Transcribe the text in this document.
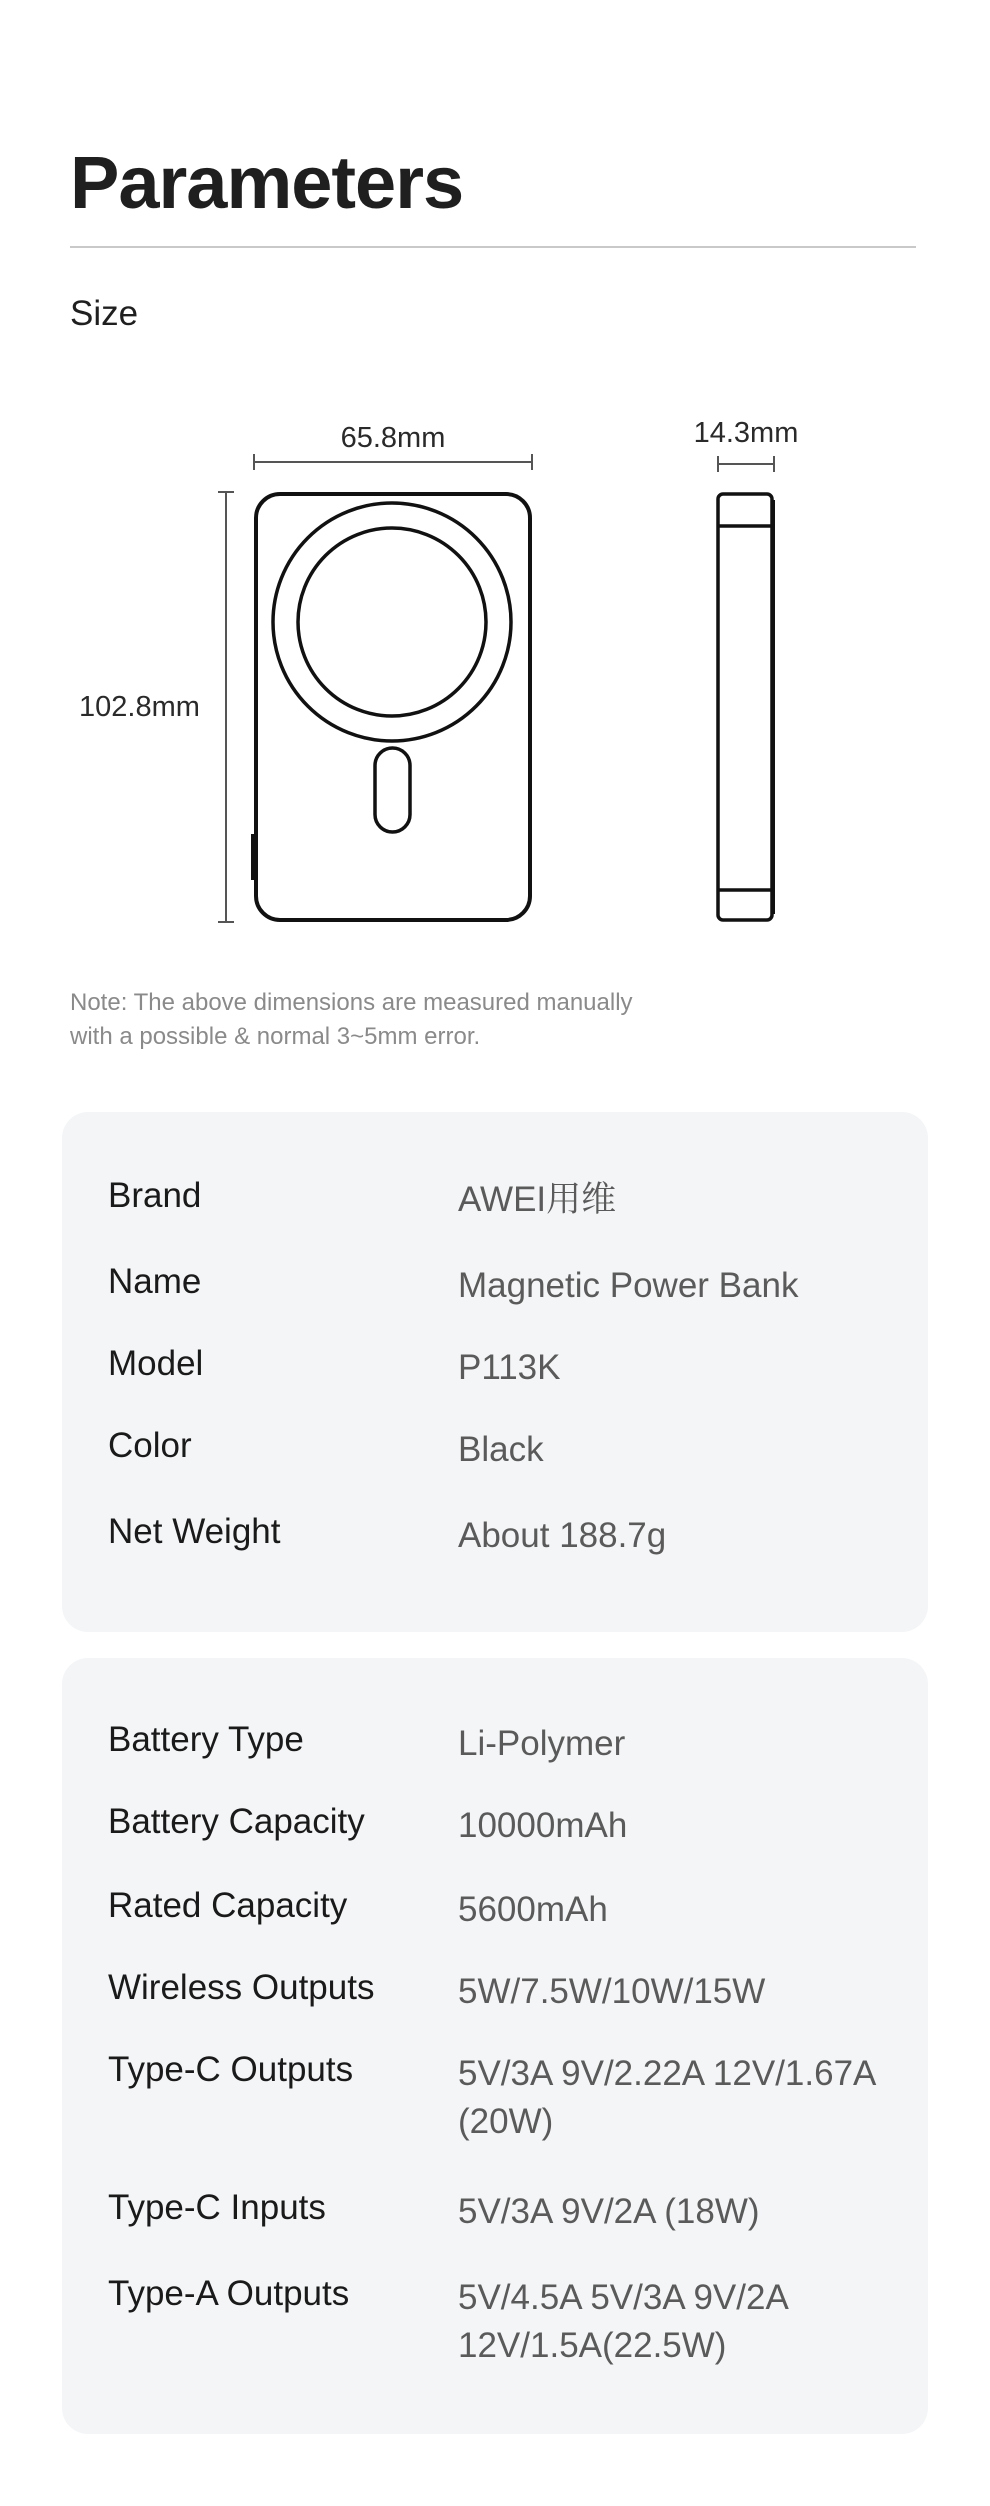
Parameters
Size
65.8mm
102.8mm
14.3mm
Note: The above dimensions are measured manually
with a possible & normal 3~5mm error.
Brand	AWEI用维
Name	Magnetic Power Bank
Model	P113K
Color	Black
Net Weight	About 188.7g
Battery Type	Li-Polymer
Battery Capacity	10000mAh
Rated Capacity	5600mAh
Wireless Outputs 5W/7.5W/10W/15W
Type-C Outputs	5V/3A 9V/2.22A 12V/1.67A (20W)
Type-C Inputs	5V/3A 9V/2A (18W)
Type-A Outputs	5V/4.5A 5V/3A 9V/2A 12V/1.5A(22.5W)
